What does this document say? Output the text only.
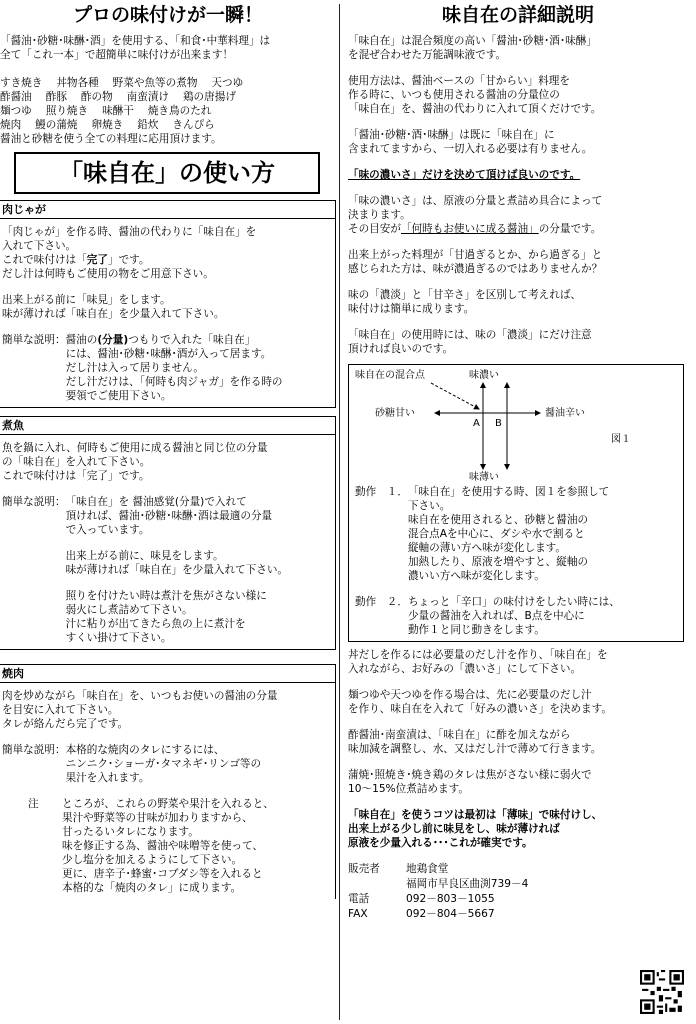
プロの味付けが一瞬！
「醤油･砂糖･味醂･酒」を使用する、「和食･中華料理」は
全て「これ一本」で超簡単に味付けが出来ます！
すき焼き　 丼物各種　 野菜や魚等の煮物　 天つゆ
酢醤油　 酢豚　 酢の物　 南蛮漬け　 鶏の唐揚げ
麺つゆ　 照り焼き　 味醂干　 焼き鳥のたれ
焼肉　 鰻の蒲焼　 卵焼き　 鉛炊　 きんぴら
醤油と砂糖を使う全ての料理に応用頂けます。
「味自在」の使い方
肉じゃが
「肉じゃが」を作る時、醤油の代わりに「味自在」を
入れて下さい。
これで味付けは「完了」です。
だし汁は何時もご使用の物をご用意下さい。
出来上がる前に「味見」をします。
味が薄ければ「味自在」を少量入れて下さい。
簡単な説明： 醤油の(分量)つもりで入れた「味自在」
には、醤油･砂糖･味醂･酒が入って居ます。
だし汁は入って居りません。
だし汁だけは、「何時も肉ジャガ」を作る時の
要領でご使用下さい。
煮魚
魚を鍋に入れ、何時もご使用に成る醤油と同じ位の分量
の「味自在」を入れて下さい。
これで味付けは「完了」です。
簡単な説明： 「味自在」を 醤油感覚(分量)で入れて
頂ければ、醤油･砂糖･味醂･酒は最適の分量
で入っています。
出来上がる前に、味見をします。
味が薄ければ「味自在」を少量入れて下さい。
照りを付けたい時は煮汁を焦がさない様に
弱火にし煮詰めて下さい。
汁に粘りが出てきたら魚の上に煮汁を
すくい掛けて下さい。
焼肉
肉を炒めながら「味自在」を、いつもお使いの醤油の分量
を目安に入れて下さい。
タレが絡んだら完了です。
簡単な説明： 本格的な焼肉のタレにするには、
ニンニク･ショーガ･タマネギ･リンゴ等の
果汁を入れます。
注	ところが、これらの野菜や果汁を入れると、
果汁や野菜等の甘味が加わりますから、
甘ったるいタレになります。
味を修正する為、醤油や味噌等を使って、
少し塩分を加えるようにして下さい。
更に、唐辛子･蜂蜜･コブダシ等を入れると
本格的な「焼肉のタレ」に成ります。
味自在の詳細説明
「味自在」は混合頻度の高い「醤油･砂糖･酒･味醂」
を混ぜ合わせた万能調味液です。
使用方法は、醤油ベースの「甘からい」料理を
作る時に、いつも使用される醤油の分量位の
「味自在」を、醤油の代わりに入れて頂くだけです。
「醤油･砂糖･酒･味醂」は既に「味自在」に
含まれてますから、一切入れる必要は有りません。
「味の濃いさ」だけを決めて頂けば良いのです。
「味の濃いさ」は、原液の分量と煮詰め具合によって
決まります。
その目安が「何時もお使いに成る醤油」の分量です。
出来上がった料理が「甘過ぎるとか、から過ぎる」と
感じられた方は、味が濃過ぎるのではありませんか？
味の「濃淡」と「甘辛さ」を区別して考えれば、
味付けは簡単に成ります。
「味自在」の使用時には、味の「濃淡」にだけ注意
頂ければ良いのです。
味自在の混合点	味濃い
砂糖甘い	醤油辛い
A B
図１
味薄い
動作　１． 「味自在」を使用する時、図１を参照して
下さい。
味自在を使用されると、砂糖と醤油の
混合点Aを中心に、ダシや水で割ると
縦軸の薄い方へ味が変化します。
加熱したり、原液を増やすと、縦軸の
濃いい方へ味が変化します。
動作　２． ちょっと「辛口」の味付けをしたい時には、
少量の醤油を入れれば、B点を中心に
動作１と同じ動きをします。
丼だしを作るには必要量のだし汁を作り、「味自在」を
入れながら、お好みの「濃いさ」にして下さい。
麺つゆや天つゆを作る場合は、先に必要量のだし汁
を作り、味自在を入れて「好みの濃いさ」を決めます。
酢醤油･南蛮漬は、「味自在」に酢を加えながら
味加減を調整し、水、又はだし汁で薄めて行きます。
蒲焼･照焼き･焼き鶏のタレは焦がさない様に弱火で
10～15%位煮詰めます。
「味自在」を使うコツは最初は「薄味」で味付けし、
出来上がる少し前に味見をし、味が薄ければ
原液を少量入れる･･･これが確実です。
販売者	地鶏食堂
福岡市早良区曲渕739－4
電話	092－803－1055
FAX	092－804－5667
